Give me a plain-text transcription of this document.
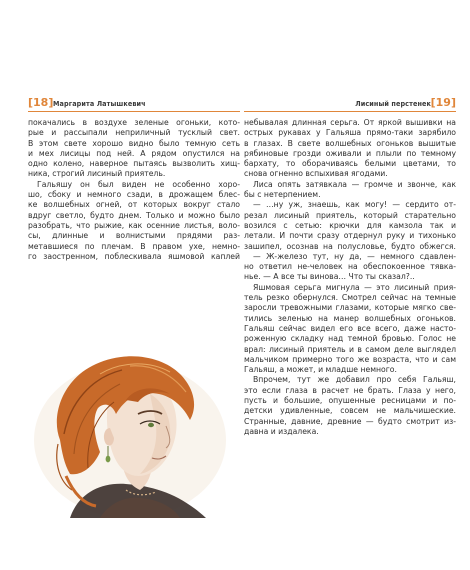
[18] Маргарита Латышкевич
покачались в воздухе зеленые огоньки, кото-
рые и рассыпали неприличный тусклый свет.
В этом свете хорошо видно было темную сеть
и мех лисицы под ней. А рядом опустился на
одно колено, наверное пытаясь вызволить хищ-
ника, строгий лисиный приятель.
Гальяшу он был виден не особенно хоро-
шо, сбоку и немного сзади, в дрожащем блес-
ке волшебных огней, от которых вокруг стало
вдруг светло, будто днем. Только и можно было
разобрать, что рыжие, как осенние листья, воло-
сы, длинные и волнистыми прядями раз-
метавшиеся по плечам. В правом ухе, немно-
го заостренном, поблескивала яшмовой каплей
Лисиный перстенек [19]
небывалая длинная серьга. От яркой вышивки на
острых рукавах у Гальяша прямо-таки зарябило
в глазах. В свете волшебных огоньков вышитые
рябиновые грозди оживали и плыли по темному
бархату, то оборачиваясь белыми цветами, то
снова огненно вспыхивая ягодами.
Лиса опять затявкала — громче и звонче, как
бы с нетерпением.
— …ну уж, знаешь, как могу! — сердито от-
резал лисиный приятель, который старательно
возился с сетью: крючки для камзола так и
летали. И почти сразу отдернул руку и тихонько
зашипел, осознав на полусловье, будто обжегся.
— Ж-железо тут, ну да, — немного сдавлен-
но ответил не-человек на обеспокоенное тявка-
нье. — А все ты винова… Что ты сказал?..
Яшмовая серьга мигнула — это лисиный прия-
тель резко обернулся. Смотрел сейчас на темные
заросли тревожными глазами, которые мягко све-
тились зеленью на манер волшебных огоньков.
Гальяш сейчас видел его все всего, даже насто-
роженную складку над темной бровью. Голос не
врал: лисиный приятель и в самом деле выглядел
мальчиком примерно того же возраста, что и сам
Гальяш, а может, и младше немного.
Впрочем, тут же добавил про себя Гальяш,
это если глаза в расчет не брать. Глаза у него,
пусть и большие, опушенные ресницами и по-
детски удивленные, совсем не мальчишеские.
Странные, давние, древние — будто смотрит из-
давна и издалека.
